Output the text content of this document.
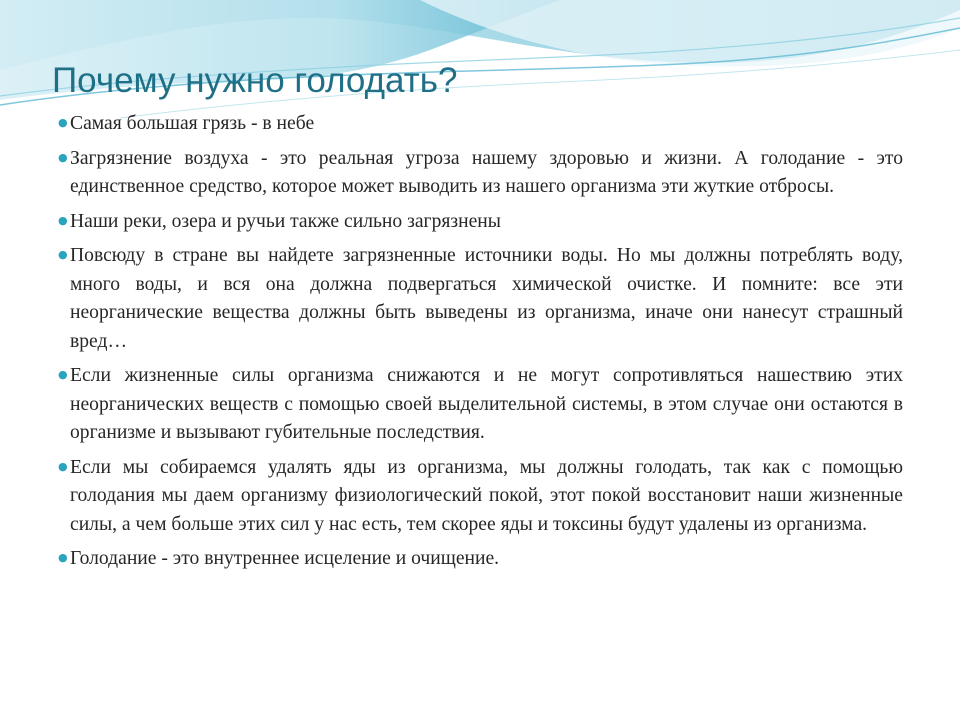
Почему нужно голодать?
● Самая большая грязь - в небе
● Загрязнение воздуха - это реальная угроза нашему здоровью и жизни. А голодание - это единственное средство, которое может выводить из нашего организма эти жуткие отбросы.
● Наши реки, озера и ручьи также сильно загрязнены
● Повсюду в стране вы найдете загрязненные источники воды. Но мы должны потреблять воду, много воды, и вся она должна подвергаться химической очистке. И помните: все эти неорганические вещества должны быть выведены из организма, иначе они нанесут страшный вред…
● Если жизненные силы организма снижаются и не могут сопротивляться нашествию этих неорганических веществ с помощью своей выделительной системы, в этом случае они остаются в организме и вызывают губительные последствия.
● Если мы собираемся удалять яды из организма, мы должны голодать, так как с помощью голодания мы даем организму физиологический покой, этот покой восстановит наши жизненные силы, а чем больше этих сил у нас есть, тем скорее яды и токсины будут удалены из организма.
● Голодание - это внутреннее исцеление и очищение.
